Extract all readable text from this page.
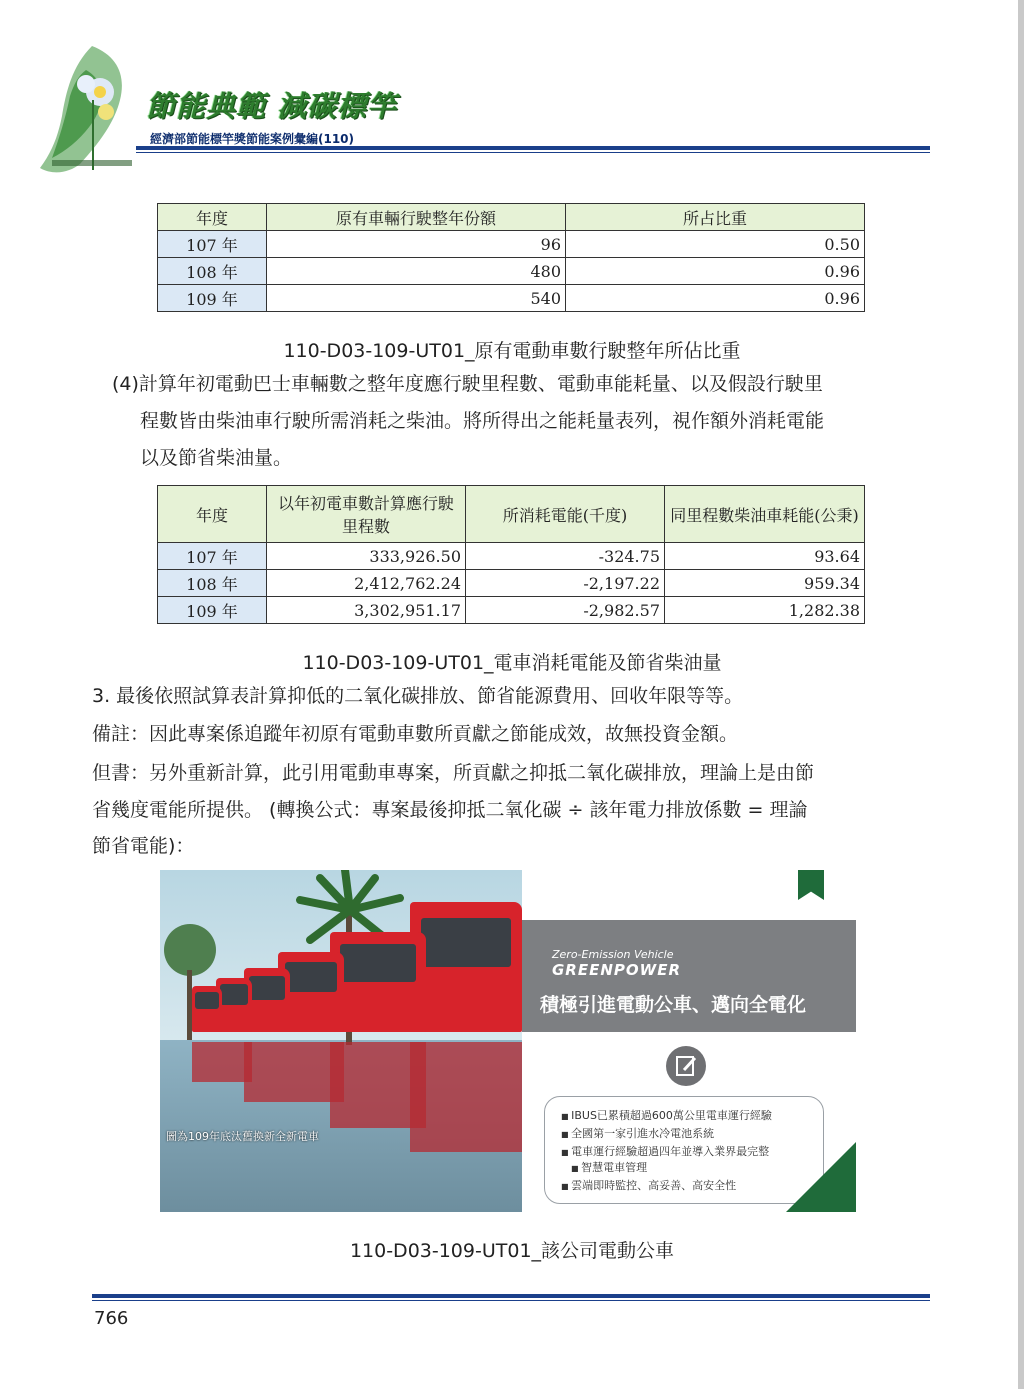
節能典範 減碳標竿
經濟部節能標竿獎節能案例彙編(110)
年度	原有車輛行駛整年份額	所占比重
107 年	96	0.50
108 年	480	0.96
109 年	540	0.96
110-D03-109-UT01_原有電動車數行駛整年所佔比重
(4)計算年初電動巴士車輛數之整年度應行駛里程數、電動車能耗量、以及假設行駛里
程數皆由柴油車行駛所需消耗之柴油。將所得出之能耗量表列，視作額外消耗電能
以及節省柴油量。
年度	以年初電車數計算應行駛里程數	所消耗電能(千度)	同里程數柴油車耗能(公秉)
107 年	333,926.50	-324.75	93.64
108 年	2,412,762.24	-2,197.22	959.34
109 年	3,302,951.17	-2,982.57	1,282.38
110-D03-109-UT01_電車消耗電能及節省柴油量
3. 最後依照試算表計算抑低的二氧化碳排放、節省能源費用、回收年限等等。
備註：因此專案係追蹤年初原有電動車數所貢獻之節能成效，故無投資金額。
但書：另外重新計算，此引用電動車專案，所貢獻之抑抵二氧化碳排放，理論上是由節
省幾度電能所提供。 (轉換公式：專案最後抑抵二氧化碳 ÷ 該年電力排放係數 = 理論
節省電能)：
圖為109年底汰舊換新全新電車
Zero-Emission Vehicle
GREENPOWER
積極引進電動公車、邁向全電化
■ IBUS已累積超過600萬公里電車運行經驗
■ 全國第一家引進水冷電池系統
■ 電車運行經驗超過四年並導入業界最完整
■ 智慧電車管理
■ 雲端即時監控、高妥善、高安全性
110-D03-109-UT01_該公司電動公車
766
